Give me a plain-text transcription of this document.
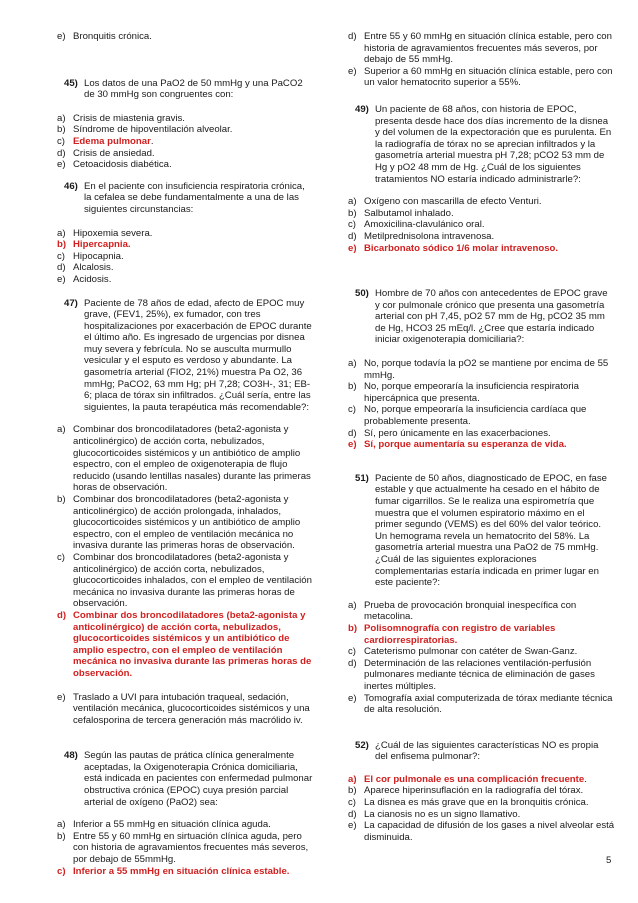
e) Bronquitis crónica.
45) Los datos de una PaO2 de 50 mmHg y una PaCO2 de 30 mmHg son congruentes con:
a) Crisis de miastenia gravis.
b) Síndrome de hipoventilación alveolar.
c) Edema pulmonar.
d) Crisis de ansiedad.
e) Cetoacidosis diabética.
46) En el paciente con insuficiencia respiratoria crónica, la cefalea se debe fundamentalmente a una de las siguientes circunstancias:
a) Hipoxemia severa.
b) Hipercapnia.
c) Hipocapnia.
d) Alcalosis.
e) Acidosis.
47) Paciente de 78 años de edad, afecto de EPOC muy grave, (FEV1, 25%), ex fumador, con tres hospitalizaciones por exacerbación de EPOC durante el último año. Es ingresado de urgencias por disnea muy severa y febrícula. No se ausculta murmullo vesicular y el esputo es verdoso y abundante. La gasometría arterial (FIO2, 21%) muestra Pa O2, 36 mmHg; PaCO2, 63 mm Hg; pH 7,28; CO3H-, 31; EB-6; placa de tórax sin infiltrados. ¿Cuál sería, entre las siguientes, la pauta terapéutica más recomendable?:
a) Combinar dos broncodilatadores (beta2-agonista y anticolinérgico) de acción corta, nebulizados, glucocorticoides sistémicos y un antibiótico de amplio espectro, con el empleo de oxigenoterapia de flujo reducido (usando lentillas nasales) durante las primeras horas de observación.
b) Combinar dos broncodilatadores (beta2-agonista y anticolinérgico) de acción prolongada, inhalados, glucocorticoides sistémicos y un antibiótico de amplio espectro, con el empleo de ventilación mecánica no invasiva durante las primeras horas de observación.
c) Combinar dos broncodilatadores (beta2-agonista y anticolinérgico) de acción corta, nebulizados, glucocorticoides inhalados, con el empleo de ventilación mecánica no invasiva durante las primeras horas de observación.
d) Combinar dos broncodilatadores (beta2-agonista y anticolinérgico) de acción corta, nebulizados, glucocorticoides sistémicos y un antibiótico de amplio espectro, con el empleo de ventilación mecánica no invasiva durante las primeras horas de observación.
e) Traslado a UVI para intubación traqueal, sedación, ventilación mecánica, glucocorticoides sistémicos y una cefalosporina de tercera generación más macrólido iv.
48) Según las pautas de prática clínica generalmente aceptadas, la Oxigenoterapia Crónica domiciliaria, está indicada en pacientes con enfermedad pulmonar obstructiva crónica (EPOC) cuya presión parcial arterial de oxígeno (PaO2) sea:
a) Inferior a 55 mmHg en situación clínica aguda.
b) Entre 55 y 60 mmHg en sirtuación clínica aguda, pero con historia de agravamientos frecuentes más severos, por debajo de 55mmHg.
c) Inferior a 55 mmHg en situación clínica estable.
d) Entre 55 y 60 mmHg en situación clínica estable, pero con historia de agravamientos frecuentes más severos, por debajo de 55 mmHg.
e) Superior a 60 mmHg en situación clínica estable, pero con un valor hematocrito superior a 55%.
49) Un paciente de 68 años, con historia de EPOC, presenta desde hace dos días incremento de la disnea y del volumen de la expectoración que es purulenta. En la radiografía de tórax no se aprecian infiltrados y la gasometría arterial muestra pH 7,28; pCO2 53 mm de Hg y pO2 48 mm de Hg. ¿Cuál de los siguientes tratamientos NO estaría indicado administrarle?:
a) Oxígeno con mascarilla de efecto Venturi.
b) Salbutamol inhalado.
c) Amoxicilina-clavulánico oral.
d) Metilprednisolona intravenosa.
e) Bicarbonato sódico 1/6 molar intravenoso.
50) Hombre de 70 años con antecedentes de EPOC grave y cor pulmonale crónico que presenta una gasometría arterial con pH 7,45, pO2 57 mm de Hg, pCO2 35 mm de Hg, HCO3 25 mEq/l. ¿Cree que estaría indicado iniciar oxigenoterapia domiciliaria?:
a) No, porque todavía la pO2 se mantiene por encima de 55 mmHg.
b) No, porque empeoraría la insuficiencia respiratoria hipercápnica que presenta.
c) No, porque empeoraría la insuficiencia cardíaca que probablemente presenta.
d) Sí, pero únicamente en las exacerbaciones.
e) Sí, porque aumentaría su esperanza de vida.
51) Paciente de 50 años, diagnosticado de EPOC, en fase estable y que actualmente ha cesado en el hábito de fumar cigarrillos. Se le realiza una espirometría que muestra que el volumen espiratorio máximo en el primer segundo (VEMS) es del 60% del valor teórico. Un hemograma revela un hematocrito del 58%. La gasometría arterial muestra una PaO2 de 75 mmHg. ¿Cuál de las siguientes exploraciones complementarias estaría indicada en primer lugar en este paciente?:
a) Prueba de provocación bronquial inespecífica con metacolina.
b) Polisomnografía con registro de variables cardiorrespiratorias.
c) Cateterismo pulmonar con catéter de Swan-Ganz.
d) Determinación de las relaciones ventilación-perfusión pulmonares mediante técnica de eliminación de gases inertes múltiples.
e) Tomografía axial computerizada de tórax mediante técnica de alta resolución.
52) ¿Cuál de las siguientes características NO es propia del enfisema pulmonar?:
a) El cor pulmonale es una complicación frecuente.
b) Aparece hiperinsuflación en la radiografía del tórax.
c) La disnea es más grave que en la bronquitis crónica.
d) La cianosis no es un signo llamativo.
e) La capacidad de difusión de los gases a nivel alveolar está disminuida.
5
